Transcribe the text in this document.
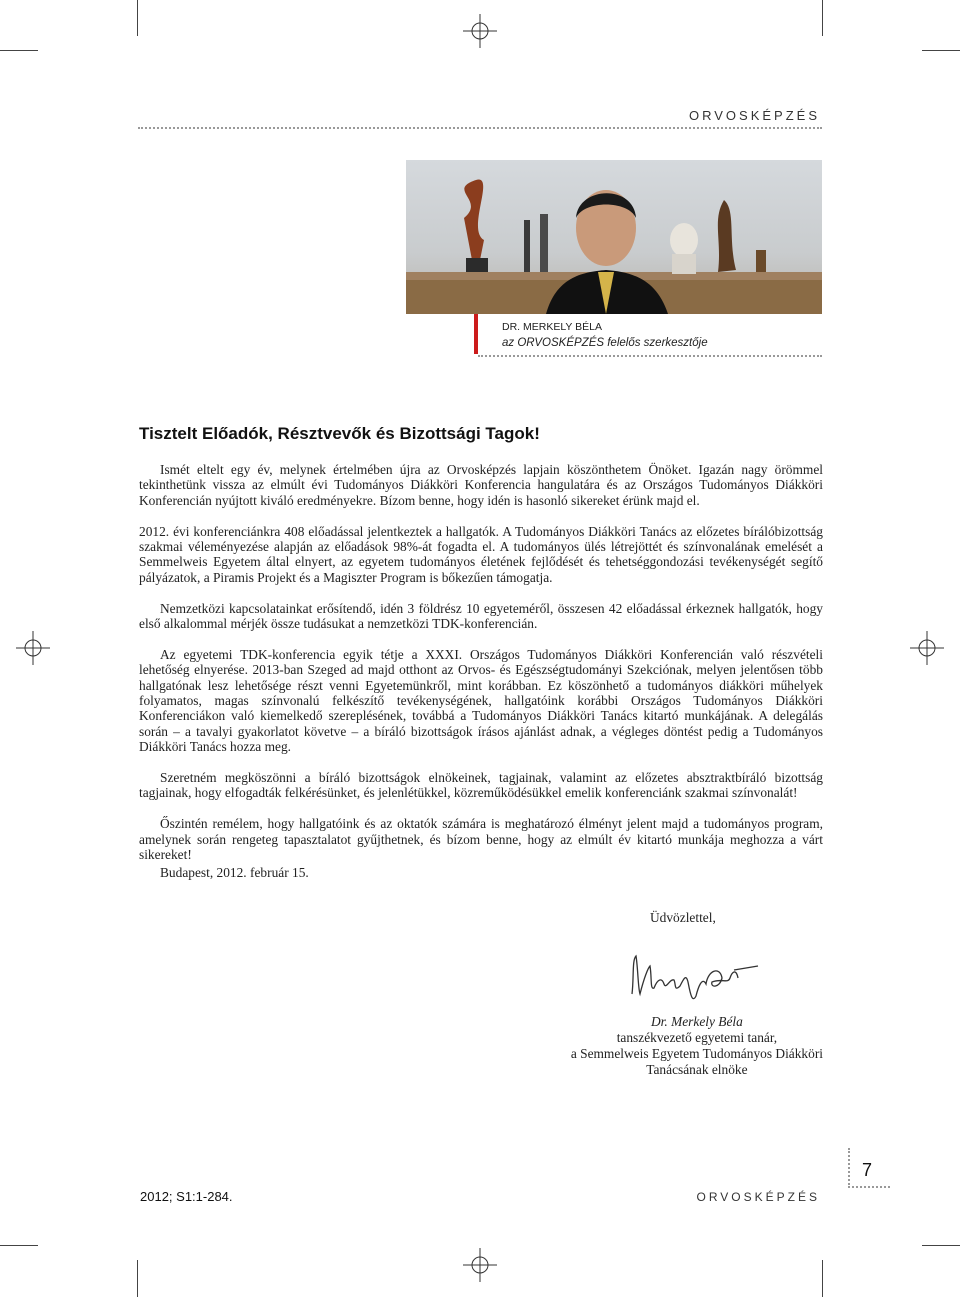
ORVOSKÉPZÉS
DR. MERKELY BÉLA
az ORVOSKÉPZÉS felelős szerkesztője
Tisztelt Előadók, Résztvevők és Bizottsági Tagok!

Ismét eltelt egy év, melynek értelmében újra az Orvosképzés lapjain köszönthetem Önöket. Igazán nagy örömmel tekinthetünk vissza az elmúlt évi Tudományos Diákköri Konferencia hangulatára és az Országos Tudományos Diákköri Konferencián nyújtott kiváló eredményekre. Bízom benne, hogy idén is hasonló sikereket érünk majd el.

2012. évi konferenciánkra 408 előadással jelentkeztek a hallgatók. A Tudományos Diákköri Tanács az előzetes bírálóbizottság szakmai véleményezése alapján az előadások 98%-át fogadta el. A tudományos ülés létrejöttét és színvonalának emelését a Semmelweis Egyetem által elnyert, az egyetem tudományos életének fejlődését és tehetséggondozási tevékenységét segítő pályázatok, a Piramis Projekt és a Magiszter Program is bőkezűen támogatja.

Nemzetközi kapcsolatainkat erősítendő, idén 3 földrész 10 egyeteméről, összesen 42 előadással érkeznek hallgatók, hogy első alkalommal mérjék össze tudásukat a nemzetközi TDK-konferencián.

Az egyetemi TDK-konferencia egyik tétje a XXXI. Országos Tudományos Diákköri Konferencián való részvételi lehetőség elnyerése. 2013-ban Szeged ad majd otthont az Orvos- és Egészségtudományi Szekciónak, melyen jelentősen több hallgatónak lesz lehetősége részt venni Egyetemünkről, mint korábban. Ez köszönhető a tudományos diákköri műhelyek folyamatos, magas színvonalú felkészítő tevékenységének, hallgatóink korábbi Országos Tudományos Diákköri Konferenciákon való kiemelkedő szereplésének, továbbá a Tudományos Diákköri Tanács kitartó munkájának. A delegálás során – a tavalyi gyakorlatot követve – a bíráló bizottságok írásos ajánlást adnak, a végleges döntést pedig a Tudományos Diákköri Tanács hozza meg.

Szeretném megköszönni a bíráló bizottságok elnökeinek, tagjainak, valamint az előzetes absztraktbíráló bizottság tagjainak, hogy elfogadták felkérésünket, és jelenlétükkel, közreműködésükkel emelik konferenciánk szakmai színvonalát!

Őszintén remélem, hogy hallgatóink és az oktatók számára is meghatározó élményt jelent majd a tudományos program, amelynek során rengeteg tapasztalatot gyűjthetnek, és bízom benne, hogy az elmúlt év kitartó munkája meghozza a várt sikereket!

Budapest, 2012. február 15.
Üdvözlettel,
Dr. Merkely Béla
tanszékvezető egyetemi tanár,
a Semmelweis Egyetem Tudományos Diákköri
Tanácsának elnöke
7
2012; S1:1-284.	ORVOSKÉPZÉS
